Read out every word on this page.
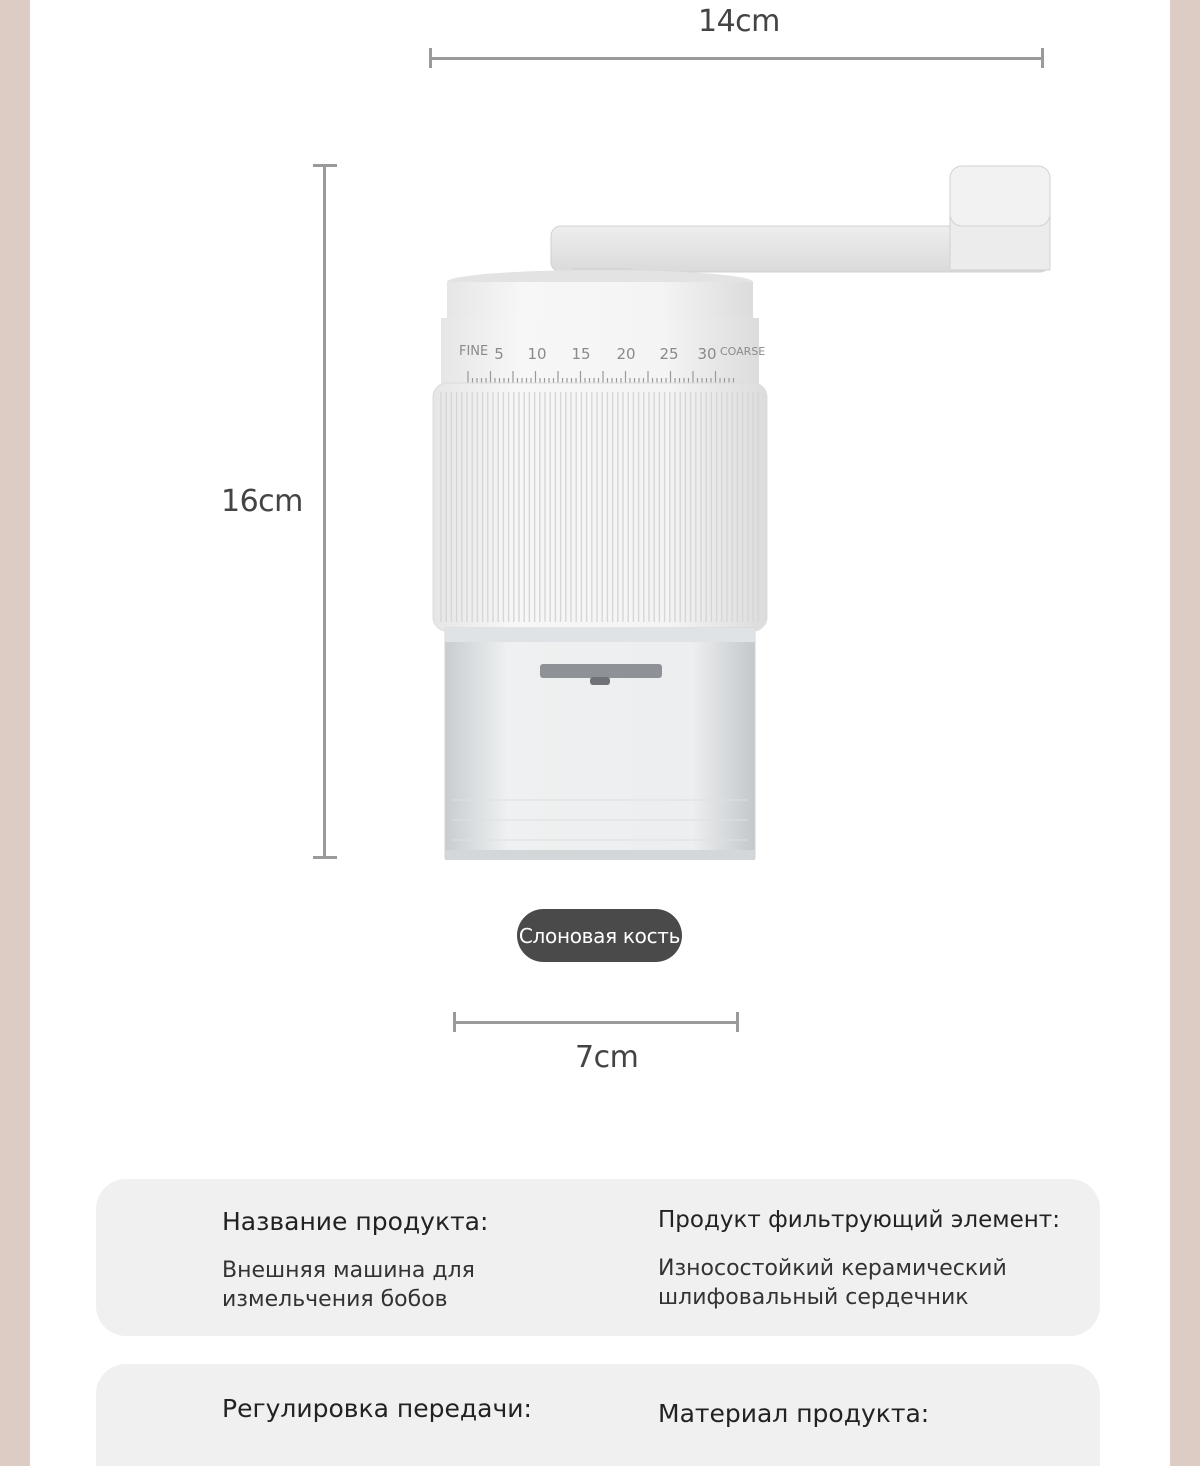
14cm
16cm
FINE 5 10 15 20 25 30 COARSE
Слоновая кость
7cm
Название продукта:
Внешняя машина для измельчения бобов
Продукт фильтрующий элемент:
Износостойкий керамический шлифовальный сердечник
Регулировка передачи:	Материал продукта:
